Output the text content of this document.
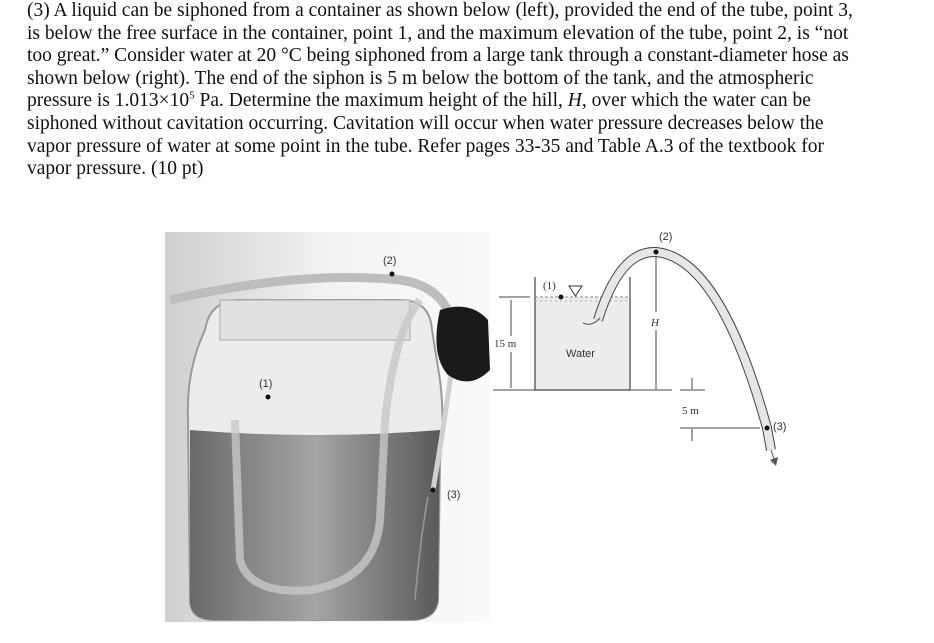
(3) A liquid can be siphoned from a container as shown below (left), provided the end of the tube, point 3,
is below the free surface in the container, point 1, and the maximum elevation of the tube, point 2, is “not
too great.” Consider water at 20 °C being siphoned from a large tank through a constant-diameter hose as
shown below (right). The end of the siphon is 5 m below the bottom of the tank, and the atmospheric
pressure is $1.013\times 10^5$ Pa. Determine the maximum height of the hill, H, over which the water can be
siphoned without cavitation occurring. Cavitation will occur when water pressure decreases below the
vapor pressure of water at some point in the tube. Refer pages 33-35 and Table A.3 of the textbook for
vapor pressure. (10 pt)
(1)
(2)
(3)
15 m
Water
(1)
(2)
H
5 m
(3)
